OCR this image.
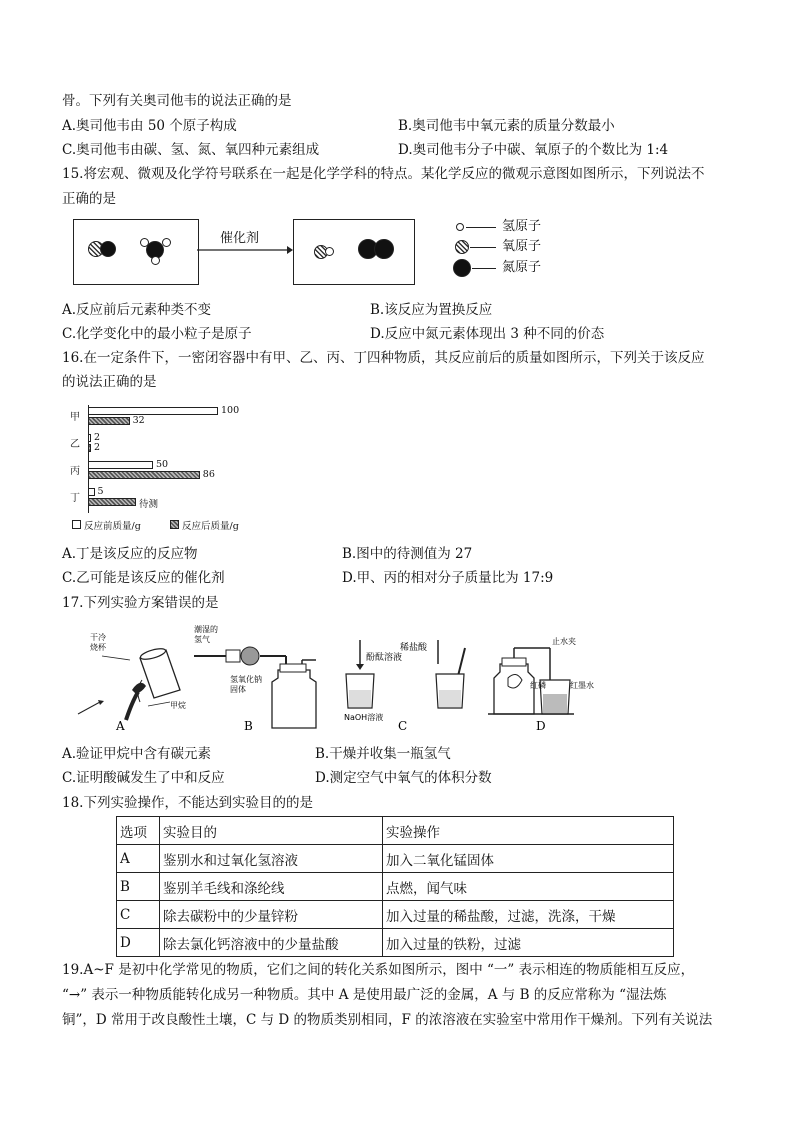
骨。下列有关奥司他韦的说法正确的是
A.奥司他韦由 50 个原子构成	B.奥司他韦中氧元素的质量分数最小
C.奥司他韦由碳、氢、氮、氧四种元素组成	D.奥司他韦分子中碳、氧原子的个数比为 1:4
15.将宏观、微观及化学符号联系在一起是化学学科的特点。某化学反应的微观示意图如图所示，下列说法不
正确的是
催化剂
氢原子
氧原子
氮原子
A.反应前后元素种类不变	B.该反应为置换反应
C.化学变化中的最小粒子是原子	D.反应中氮元素体现出 3 种不同的价态
16.在一定条件下，一密闭容器中有甲、乙、丙、丁四种物质，其反应前后的质量如图所示，下列关于该反应
的说法正确的是
甲
100
32
乙
2
2
丙
50
86
丁
5
待测
反应前质量/g	反应后质量/g
A.丁是该反应的反应物	B.图中的待测值为 27
C.乙可能是该反应的催化剂	D.甲、丙的相对分子质量比为 17:9
17.下列实验方案错误的是
干冷
烧杯
甲烷
A
潮湿的
氢气
氢氧化钠
固体
B
稀盐酸
酚酞溶液
NaOH溶液
C
止水夹
红磷	红墨水
D
A.验证甲烷中含有碳元素	B.干燥并收集一瓶氢气
C.证明酸碱发生了中和反应	D.测定空气中氧气的体积分数
18.下列实验操作，不能达到实验目的的是
选项	实验目的	实验操作
A	鉴别水和过氧化氢溶液	加入二氧化锰固体
B	鉴别羊毛线和涤纶线	点燃，闻气味
C	除去碳粉中的少量锌粉	加入过量的稀盐酸，过滤，洗涤，干燥
D	除去氯化钙溶液中的少量盐酸	加入过量的铁粉，过滤
19.A~F 是初中化学常见的物质，它们之间的转化关系如图所示，图中 “一” 表示相连的物质能相互反应，
“→” 表示一种物质能转化成另一种物质。其中 A 是使用最广泛的金属，A 与 B 的反应常称为 “湿法炼
铜”，D 常用于改良酸性土壤，C 与 D 的物质类别相同，F 的浓溶液在实验室中常用作干燥剂。下列有关说法
